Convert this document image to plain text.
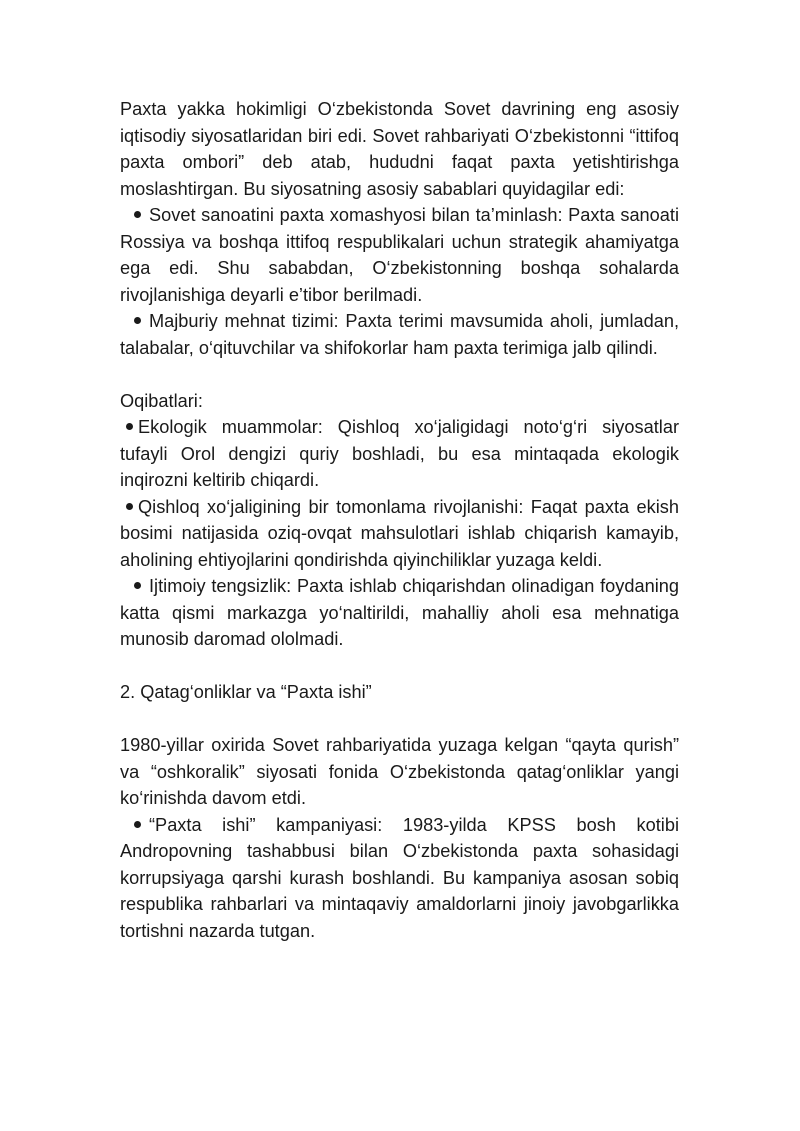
Paxta yakka hokimligi O‘zbekistonda Sovet davrining eng asosiy iqtisodiy siyosatlaridan biri edi. Sovet rahbariyati O‘zbekistonni “ittifoq paxta ombori” deb atab, hududni faqat paxta yetishtirishga moslashtirgan. Bu siyosatning asosiy sabablari quyidagilar edi:

Sovet sanoatini paxta xomashyosi bilan ta’minlash: Paxta sanoati Rossiya va boshqa ittifoq respublikalari uchun strategik ahamiyatga ega edi. Shu sababdan, O‘zbekistonning boshqa sohalarda rivojlanishiga deyarli e’tibor berilmadi.

Majburiy mehnat tizimi: Paxta terimi mavsumida aholi, jumladan, talabalar, o‘qituvchilar va shifokorlar ham paxta terimiga jalb qilindi.

Oqibatlari:

Ekologik muammolar: Qishloq xo‘jaligidagi noto‘g‘ri siyosatlar tufayli Orol dengizi quriy boshladi, bu esa mintaqada ekologik inqirozni keltirib chiqardi.

Qishloq xo‘jaligining bir tomonlama rivojlanishi: Faqat paxta ekish bosimi natijasida oziq-ovqat mahsulotlari ishlab chiqarish kamayib, aholining ehtiyojlarini qondirishda qiyinchiliklar yuzaga keldi.

Ijtimoiy tengsizlik: Paxta ishlab chiqarishdan olinadigan foydaning katta qismi markazga yo‘naltirildi, mahalliy aholi esa mehnatiga munosib daromad ololmadi.

2. Qatag‘onliklar va “Paxta ishi”

1980-yillar oxirida Sovet rahbariyatida yuzaga kelgan “qayta qurish” va “oshkoralik” siyosati fonida O‘zbekistonda qatag‘onliklar yangi ko‘rinishda davom etdi.

“Paxta ishi” kampaniyasi: 1983-yilda KPSS bosh kotibi Andropovning tashabbusi bilan O‘zbekistonda paxta sohasidagi korrupsiyaga qarshi kurash boshlandi. Bu kampaniya asosan sobiq respublika rahbarlari va mintaqaviy amaldorlarni jinoiy javobgarlikka tortishni nazarda tutgan.
